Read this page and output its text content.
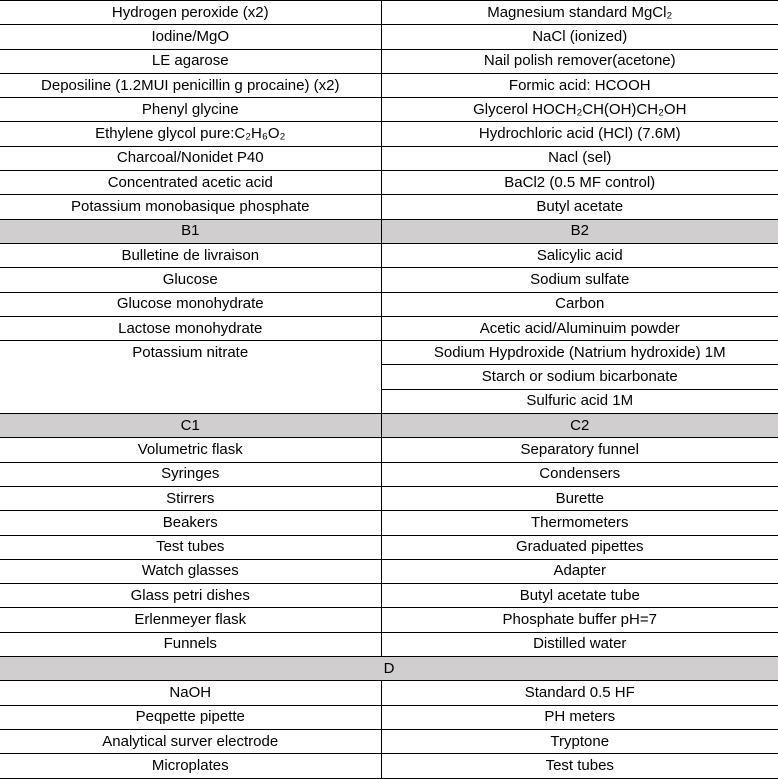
Hydrogen peroxide (x2)	Magnesium standard MgCl₂
Iodine/MgO	NaCl (ionized)
LE agarose	Nail polish remover(acetone)
Deposiline (1.2MUI penicillin g procaine) (x2)	Formic acid: HCOOH
Phenyl glycine	Glycerol HOCH₂CH(OH)CH₂OH
Ethylene glycol pure:C₂H₆O₂	Hydrochloric acid (HCl) (7.6M)
Charcoal/Nonidet P40	Nacl (sel)
Concentrated acetic acid	BaCl2 (0.5 MF control)
Potassium monobasique phosphate	Butyl acetate
B1	B2
Bulletine de livraison	Salicylic acid
Glucose	Sodium sulfate
Glucose monohydrate	Carbon
Lactose monohydrate	Acetic acid/Aluminuim powder
Potassium nitrate	Sodium Hypdroxide (Natrium hydroxide) 1M
	Starch or sodium bicarbonate
	Sulfuric acid 1M
C1	C2
Volumetric flask	Separatory funnel
Syringes	Condensers
Stirrers	Burette
Beakers	Thermometers
Test tubes	Graduated pipettes
Watch glasses	Adapter
Glass petri dishes	Butyl acetate tube
Erlenmeyer flask	Phosphate buffer pH=7
Funnels	Distilled water
D	
NaOH	Standard 0.5 HF
Peqpette pipette	PH meters
Analytical surver electrode	Tryptone
Microplates	Test tubes
